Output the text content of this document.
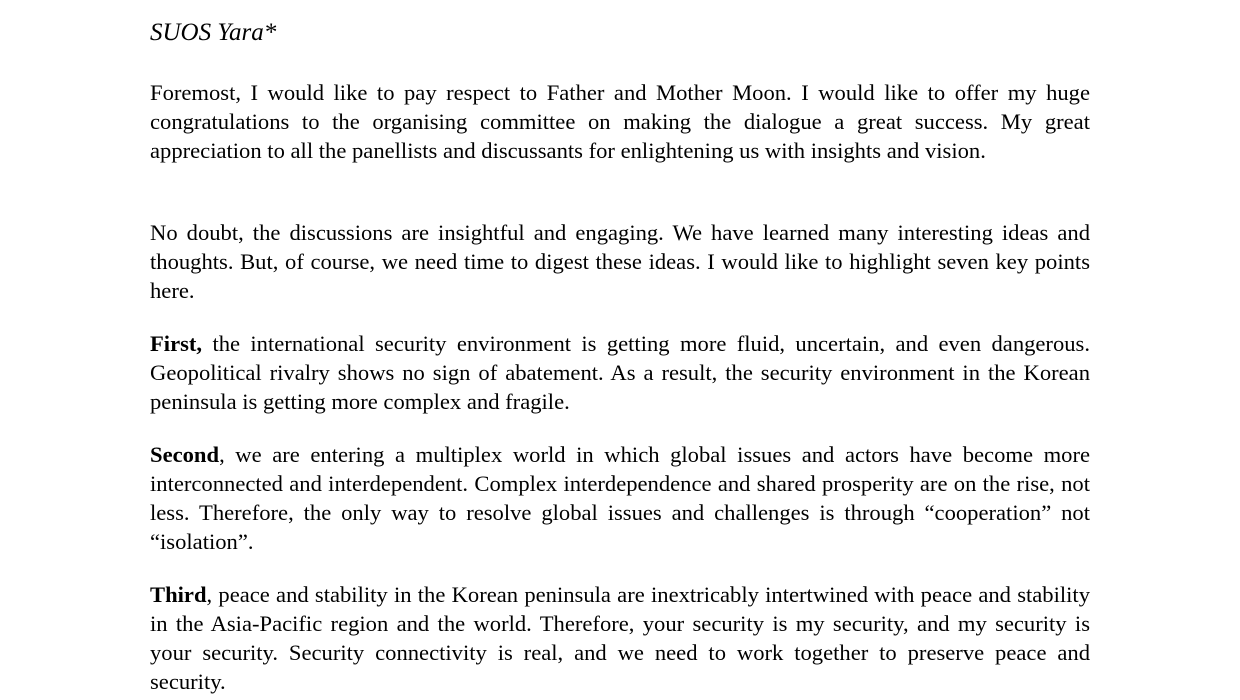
SUOS Yara*

Foremost, I would like to pay respect to Father and Mother Moon. I would like to offer my huge congratulations to the organising committee on making the dialogue a great success. My great appreciation to all the panellists and discussants for enlightening us with insights and vision.

No doubt, the discussions are insightful and engaging. We have learned many interesting ideas and thoughts. But, of course, we need time to digest these ideas. I would like to highlight seven key points here.

First, the international security environment is getting more fluid, uncertain, and even dangerous. Geopolitical rivalry shows no sign of abatement. As a result, the security environment in the Korean peninsula is getting more complex and fragile.

Second, we are entering a multiplex world in which global issues and actors have become more interconnected and interdependent. Complex interdependence and shared prosperity are on the rise, not less. Therefore, the only way to resolve global issues and challenges is through “cooperation” not “isolation”.

Third, peace and stability in the Korean peninsula are inextricably intertwined with peace and stability in the Asia-Pacific region and the world. Therefore, your security is my security, and my security is your security. Security connectivity is real, and we need to work together to preserve peace and security.
